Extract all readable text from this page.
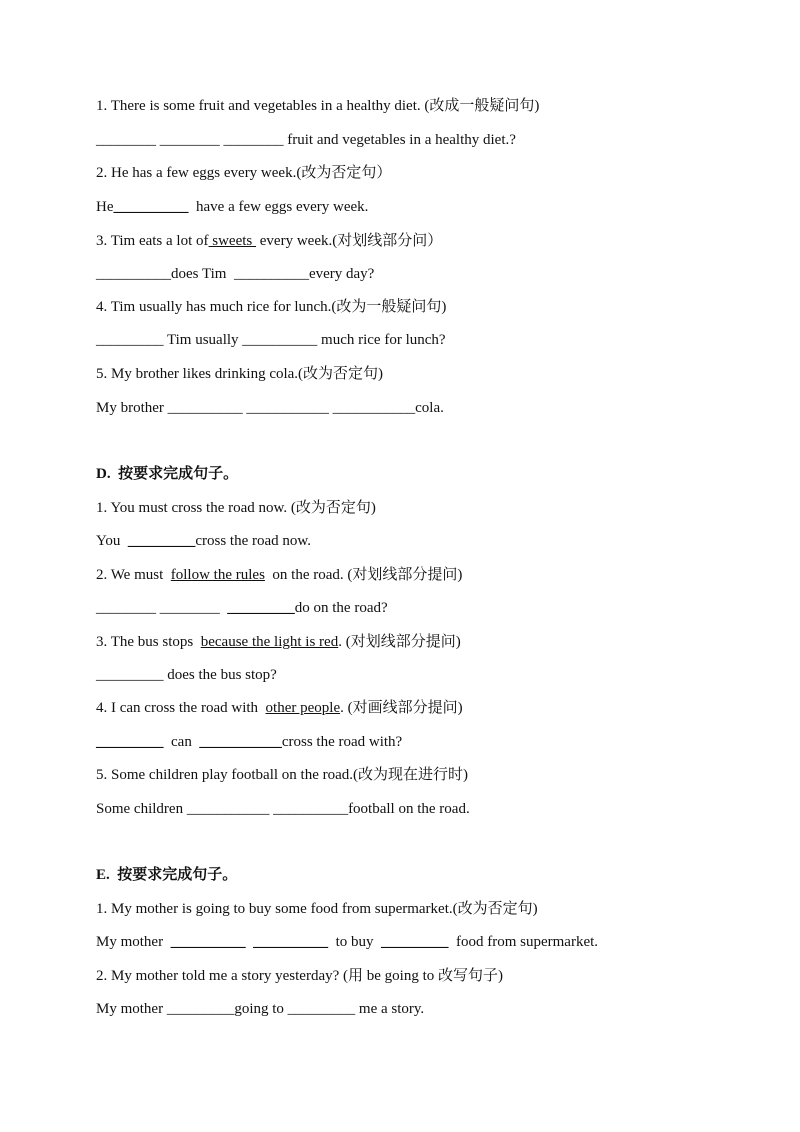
1. There is some fruit and vegetables in a healthy diet. (改成一般疑问句)
________ ________ ________ fruit and vegetables in a healthy diet.?
2. He has a few eggs every week.(改为否定句）
He__________  have a few eggs every week.
3. Tim eats a lot of sweets  every week.(对划线部分问）
__________does Tim  __________every day?
4. Tim usually has much rice for lunch.(改为一般疑问句)
_________ Tim usually __________ much rice for lunch?
5. My brother likes drinking cola.(改为否定句)
My brother __________ ___________ ___________cola.
D.  按要求完成句子。
1. You must cross the road now. (改为否定句)
You  _________cross the road now.
2. We must  follow the rules  on the road. (对划线部分提问)
________ ________  _________do on the road?
3. The bus stops  because the light is red. (对划线部分提问)
_________ does the bus stop?
4. I can cross the road with  other people. (对画线部分提问)
_________  can  ___________cross the road with?
5. Some children play football on the road.(改为现在进行时)
Some children ___________ __________football on the road.
E.  按要求完成句子。
1. My mother is going to buy some food from supermarket.(改为否定句)
My mother  __________ __________  to buy  _________  food from supermarket.
2. My mother told me a story yesterday? (用 be going to 改写句子)
My mother _________going to _________ me a story.
